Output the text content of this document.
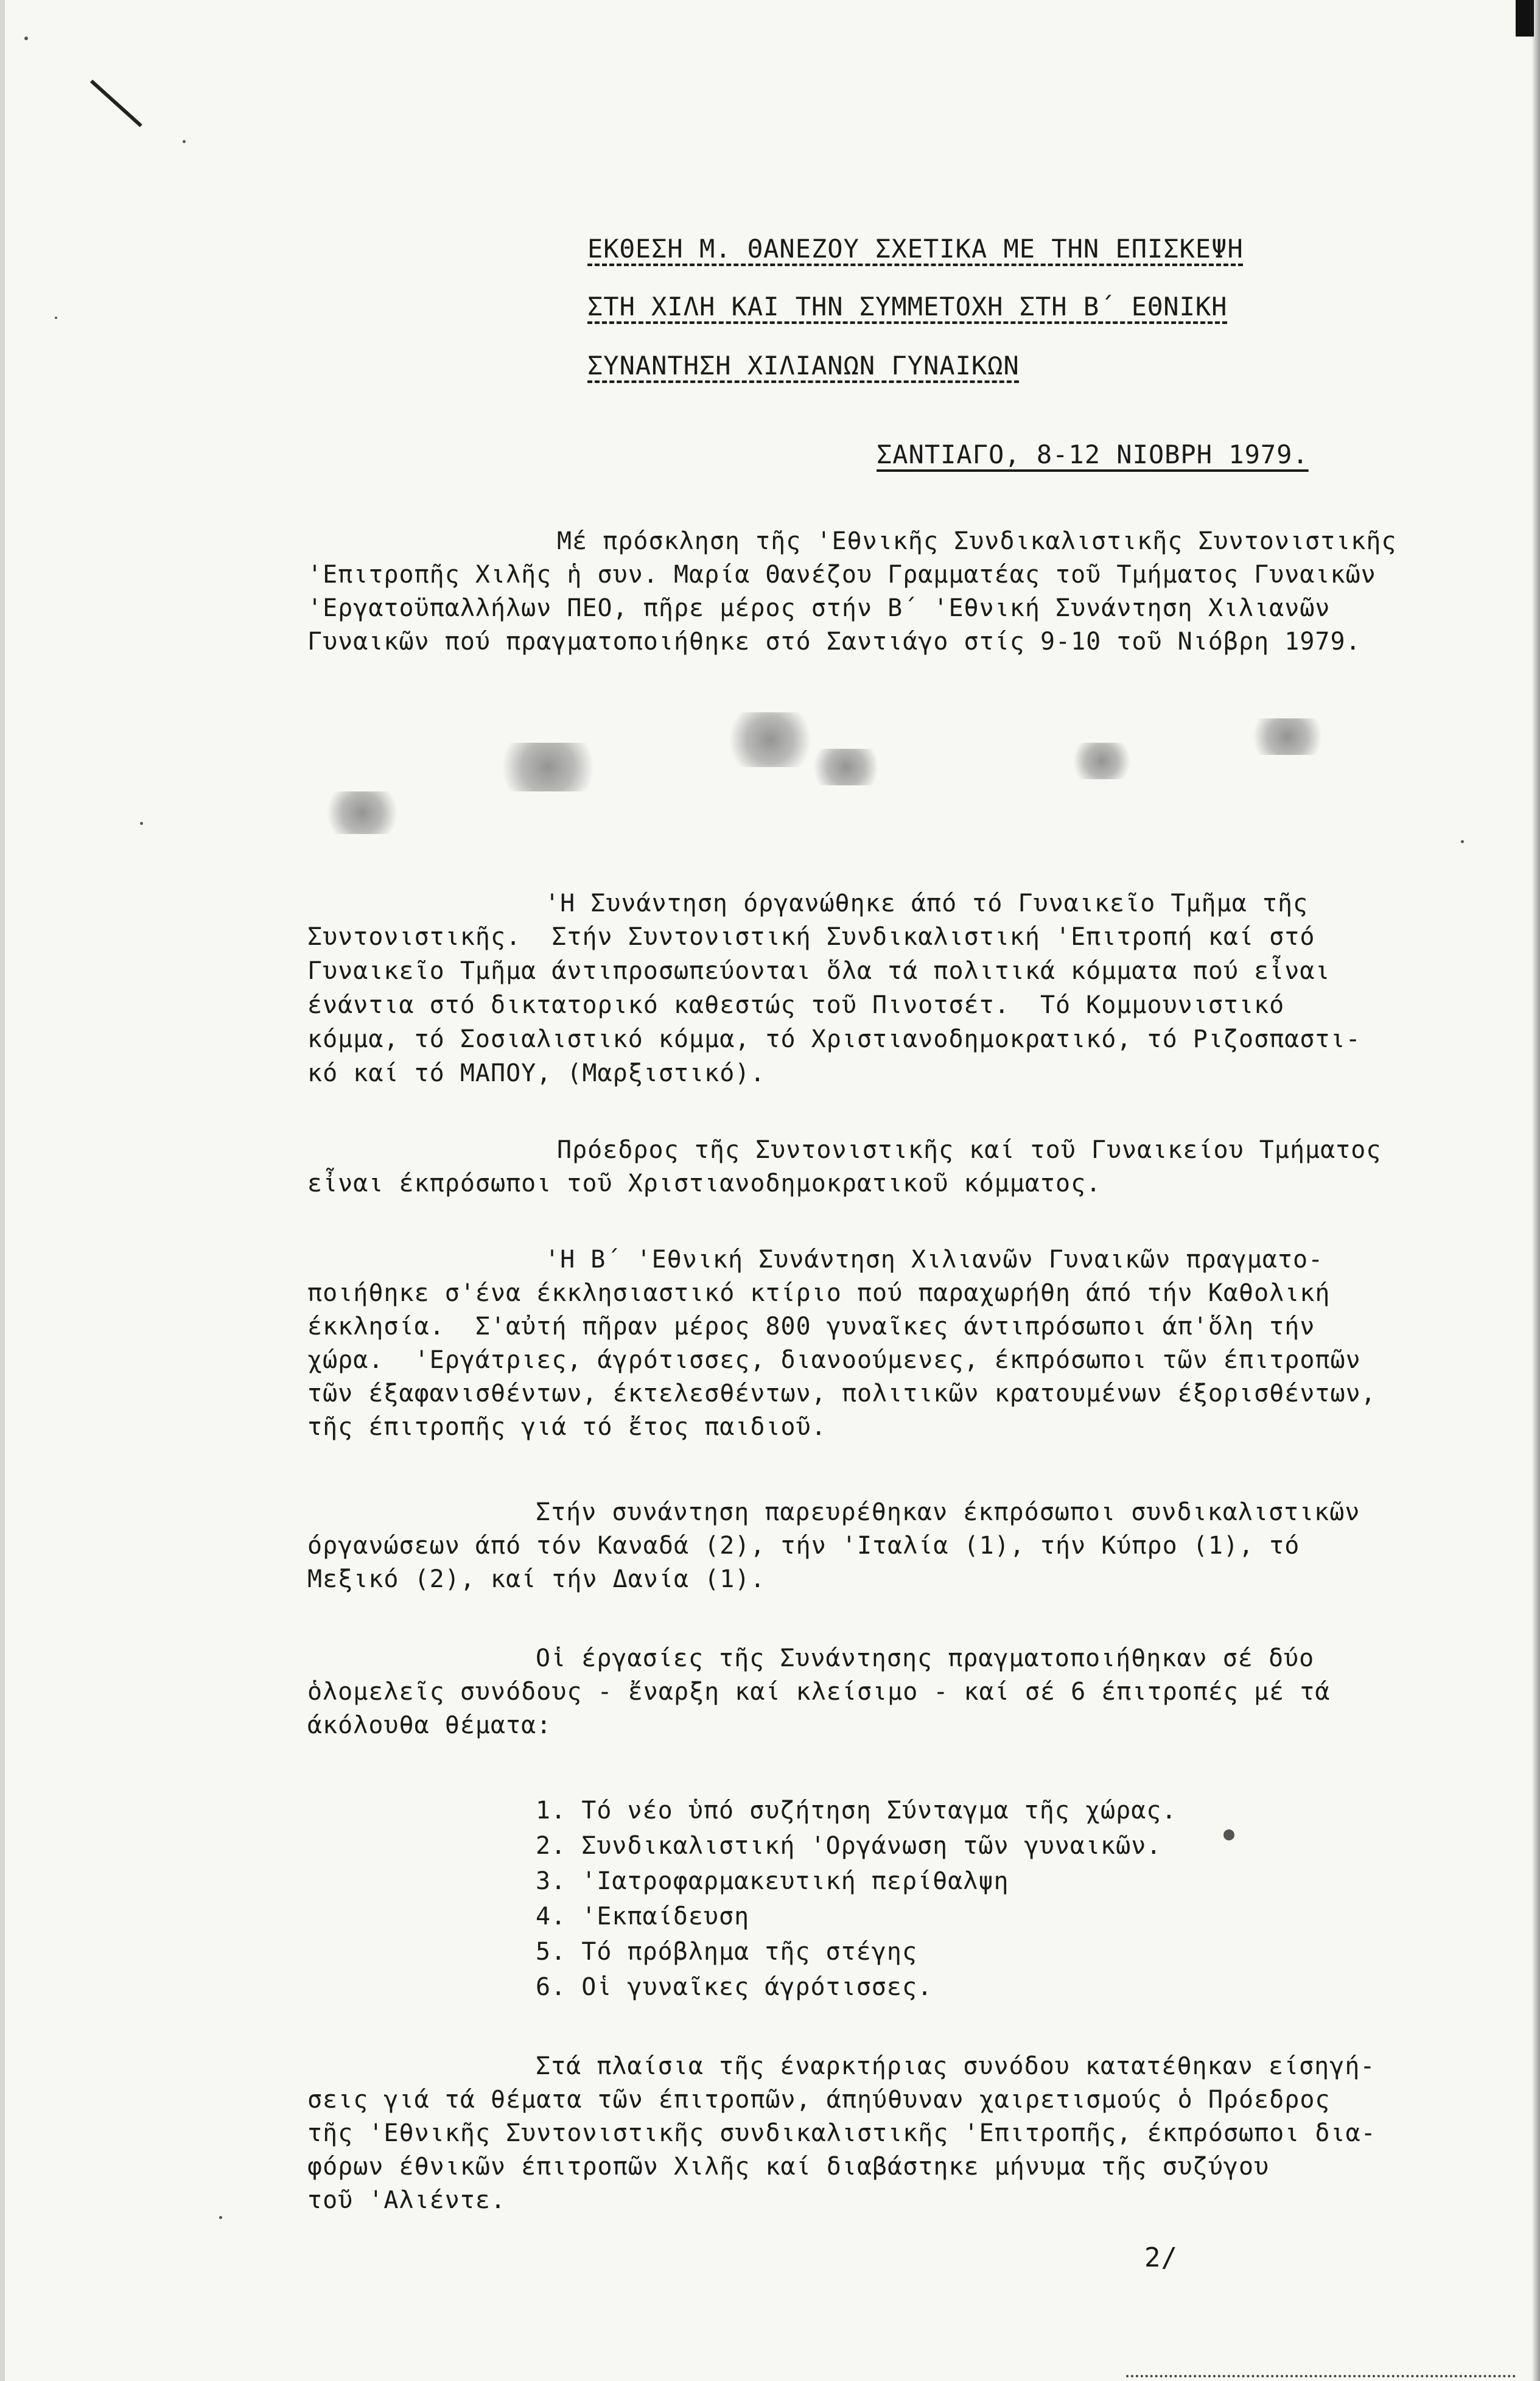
ΕΚΘΕΣΗ Μ. ΘΑΝΕΖΟΥ ΣΧΕΤΙΚΑ ΜΕ ΤΗΝ ΕΠΙΣΚΕΨΗ
ΣΤΗ ΧΙΛΗ ΚΑΙ ΤΗΝ ΣΥΜΜΕΤΟΧΗ ΣΤΗ Β΄ ΕΘΝΙΚΗ
ΣΥΝΑΝΤΗΣΗ ΧΙΛΙΑΝΩΝ ΓΥΝΑΙΚΩΝ
ΣΑΝΤΙΑΓΟ, 8-12 ΝΙΟΒΡΗ 1979.
Μέ πρόσκληση τῆς 'Εθνικῆς Συνδικαλιστικῆς Συντονιστικῆς
'Επιτροπῆς Χιλῆς ἡ συν. Μαρία Θανέζου Γραμματέας τοῦ Τμήματος Γυναικῶν
'Εργατοϋπαλλήλων ΠΕΟ, πῆρε μέρος στήν Β΄ 'Εθνική Συνάντηση Χιλιανῶν
Γυναικῶν πού πραγματοποιήθηκε στό Σαντιάγο στίς 9-10 τοῦ Νιόβρη 1979.
'Η Συνάντηση όργανώθηκε άπό τό Γυναικεῖο Τμῆμα τῆς
Συντονιστικῆς.  Στήν Συντονιστική Συνδικαλιστική 'Επιτροπή καί στό
Γυναικεῖο Τμῆμα άντιπροσωπεύονται ὅλα τά πολιτικά κόμματα πού εἶναι
ένάντια στό δικτατορικό καθεστώς τοῦ Πινοτσέτ.  Τό Κομμουνιστικό
κόμμα, τό Σοσιαλιστικό κόμμα, τό Χριστιανοδημοκρατικό, τό Ριζοσπαστι-
κό καί τό ΜΑΠΟΥ, (Μαρξιστικό).
Πρόεδρος τῆς Συντονιστικῆς καί τοῦ Γυναικείου Τμήματος
εἶναι έκπρόσωποι τοῦ Χριστιανοδημοκρατικοῦ κόμματος.
'Η Β΄ 'Εθνική Συνάντηση Χιλιανῶν Γυναικῶν πραγματο-
ποιήθηκε σ'ένα έκκλησιαστικό κτίριο πού παραχωρήθη άπό τήν Καθολική
έκκλησία.  Σ'αὐτή πῆραν μέρος 800 γυναῖκες άντιπρόσωποι άπ'ὅλη τήν
χώρα.  'Εργάτριες, άγρότισσες, διανοούμενες, έκπρόσωποι τῶν έπιτροπῶν
τῶν έξαφανισθέντων, έκτελεσθέντων, πολιτικῶν κρατουμένων έξορισθέντων,
τῆς έπιτροπῆς γιά τό ἔτος παιδιοῦ.
Στήν συνάντηση παρευρέθηκαν έκπρόσωποι συνδικαλιστικῶν
όργανώσεων άπό τόν Καναδά (2), τήν 'Ιταλία (1), τήν Κύπρο (1), τό
Μεξικό (2), καί τήν Δανία (1).
Οἱ έργασίες τῆς Συνάντησης πραγματοποιήθηκαν σέ δύο
ὁλομελεῖς συνόδους - ἔναρξη καί κλείσιμο - καί σέ 6 έπιτροπές μέ τά
άκόλουθα θέματα:
1. Τό νέο ὑπό συζήτηση Σύνταγμα τῆς χώρας.
2. Συνδικαλιστική 'Οργάνωση τῶν γυναικῶν.
3. 'Ιατροφαρμακευτική περίθαλψη
4. 'Εκπαίδευση
5. Τό πρόβλημα τῆς στέγης
6. Οἱ γυναῖκες άγρότισσες.
Στά πλαίσια τῆς έναρκτήριας συνόδου κατατέθηκαν είσηγή-
σεις γιά τά θέματα τῶν έπιτροπῶν, άπηύθυναν χαιρετισμούς ὁ Πρόεδρος
τῆς 'Εθνικῆς Συντονιστικῆς συνδικαλιστικῆς 'Επιτροπῆς, έκπρόσωποι δια-
φόρων έθνικῶν έπιτροπῶν Χιλῆς καί διαβάστηκε μήνυμα τῆς συζύγου
τοῦ 'Αλιέντε.
2/
